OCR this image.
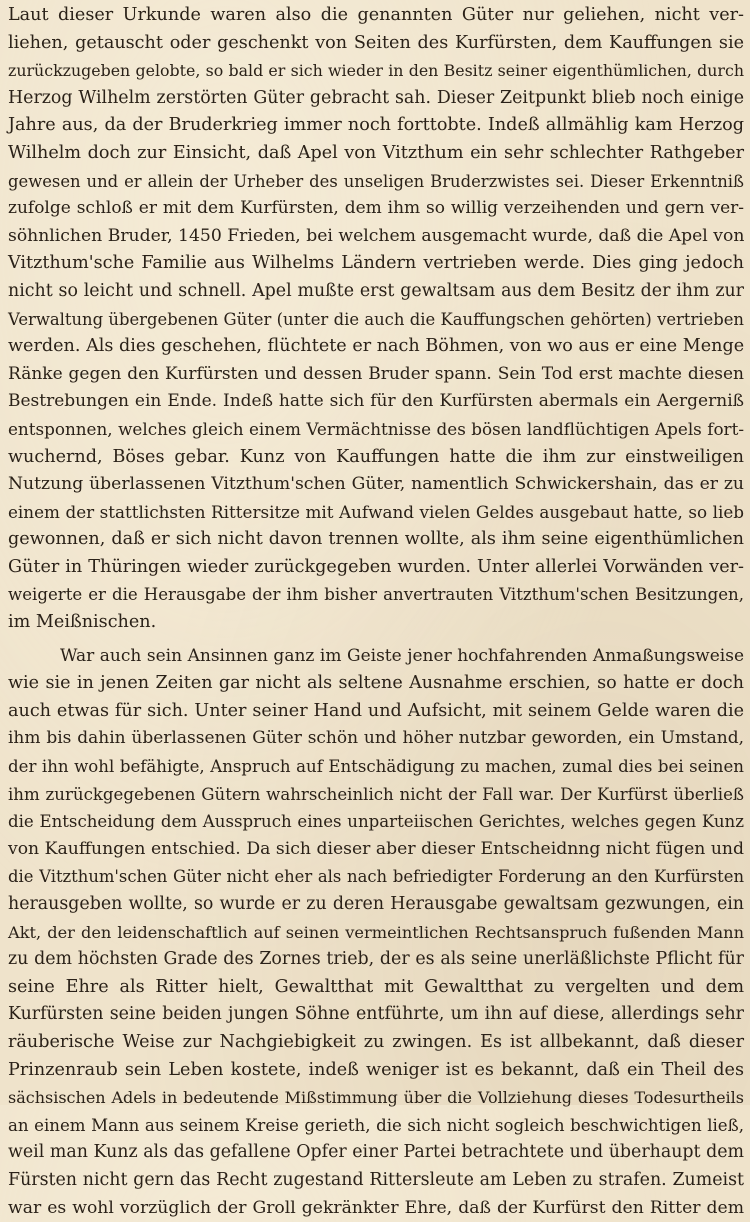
Laut dieser Urkunde waren also die genannten Güter nur geliehen, nicht ver-
liehen, getauscht oder geschenkt von Seiten des Kurfürsten, dem Kauffungen sie
zurückzugeben gelobte, so bald er sich wieder in den Besitz seiner eigenthümlichen, durch
Herzog Wilhelm zerstörten Güter gebracht sah. Dieser Zeitpunkt blieb noch einige
Jahre aus, da der Bruderkrieg immer noch forttobte. Indeß allmählig kam Herzog
Wilhelm doch zur Einsicht, daß Apel von Vitzthum ein sehr schlechter Rathgeber
gewesen und er allein der Urheber des unseligen Bruderzwistes sei. Dieser Erkenntniß
zufolge schloß er mit dem Kurfürsten, dem ihm so willig verzeihenden und gern ver-
söhnlichen Bruder, 1450 Frieden, bei welchem ausgemacht wurde, daß die Apel von
Vitzthum'sche Familie aus Wilhelms Ländern vertrieben werde. Dies ging jedoch
nicht so leicht und schnell. Apel mußte erst gewaltsam aus dem Besitz der ihm zur
Verwaltung übergebenen Güter (unter die auch die Kauffungschen gehörten) vertrieben
werden. Als dies geschehen, flüchtete er nach Böhmen, von wo aus er eine Menge
Ränke gegen den Kurfürsten und dessen Bruder spann. Sein Tod erst machte diesen
Bestrebungen ein Ende. Indeß hatte sich für den Kurfürsten abermals ein Aergerniß
entsponnen, welches gleich einem Vermächtnisse des bösen landflüchtigen Apels fort-
wuchernd, Böses gebar. Kunz von Kauffungen hatte die ihm zur einstweiligen
Nutzung überlassenen Vitzthum'schen Güter, namentlich Schwickershain, das er zu
einem der stattlichsten Rittersitze mit Aufwand vielen Geldes ausgebaut hatte, so lieb
gewonnen, daß er sich nicht davon trennen wollte, als ihm seine eigenthümlichen
Güter in Thüringen wieder zurückgegeben wurden. Unter allerlei Vorwänden ver-
weigerte er die Herausgabe der ihm bisher anvertrauten Vitzthum'schen Besitzungen,
im Meißnischen.
War auch sein Ansinnen ganz im Geiste jener hochfahrenden Anmaßungsweise
wie sie in jenen Zeiten gar nicht als seltene Ausnahme erschien, so hatte er doch
auch etwas für sich. Unter seiner Hand und Aufsicht, mit seinem Gelde waren die
ihm bis dahin überlassenen Güter schön und höher nutzbar geworden, ein Umstand,
der ihn wohl befähigte, Anspruch auf Entschädigung zu machen, zumal dies bei seinen
ihm zurückgegebenen Gütern wahrscheinlich nicht der Fall war. Der Kurfürst überließ
die Entscheidung dem Ausspruch eines unparteiischen Gerichtes, welches gegen Kunz
von Kauffungen entschied. Da sich dieser aber dieser Entscheidnng nicht fügen und
die Vitzthum'schen Güter nicht eher als nach befriedigter Forderung an den Kurfürsten
herausgeben wollte, so wurde er zu deren Herausgabe gewaltsam gezwungen, ein
Akt, der den leidenschaftlich auf seinen vermeintlichen Rechtsanspruch fußenden Mann
zu dem höchsten Grade des Zornes trieb, der es als seine unerläßlichste Pflicht für
seine Ehre als Ritter hielt, Gewaltthat mit Gewaltthat zu vergelten und dem
Kurfürsten seine beiden jungen Söhne entführte, um ihn auf diese, allerdings sehr
räuberische Weise zur Nachgiebigkeit zu zwingen. Es ist allbekannt, daß dieser
Prinzenraub sein Leben kostete, indeß weniger ist es bekannt, daß ein Theil des
sächsischen Adels in bedeutende Mißstimmung über die Vollziehung dieses Todesurtheils
an einem Mann aus seinem Kreise gerieth, die sich nicht sogleich beschwichtigen ließ,
weil man Kunz als das gefallene Opfer einer Partei betrachtete und überhaupt dem
Fürsten nicht gern das Recht zugestand Rittersleute am Leben zu strafen. Zumeist
war es wohl vorzüglich der Groll gekränkter Ehre, daß der Kurfürst den Ritter dem
